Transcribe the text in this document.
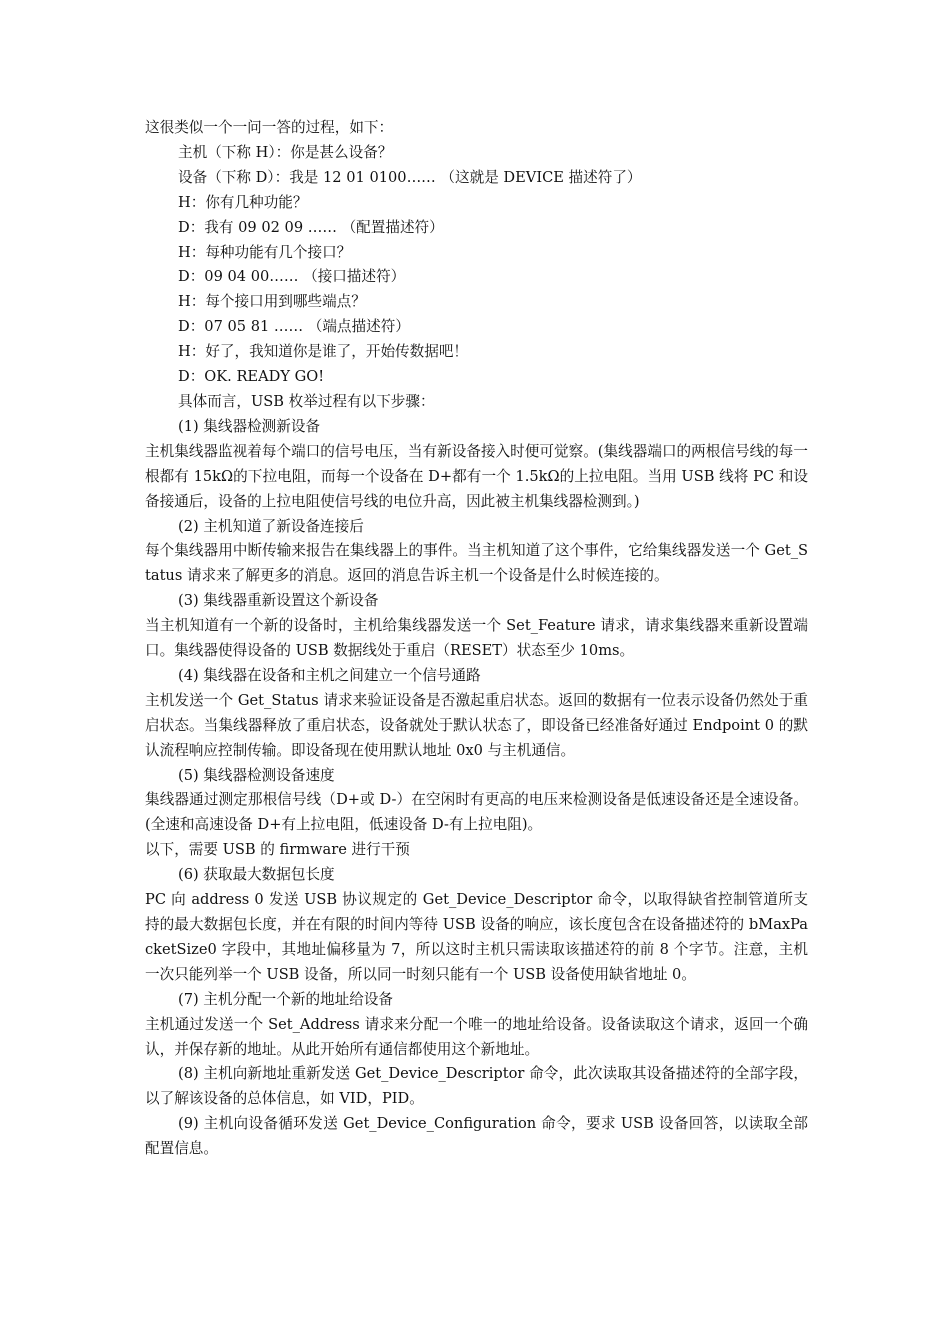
这很类似一个一问一答的过程，如下：
主机（下称 H）：你是甚么设备？
设备（下称 D）：我是 12 01 0100…… （这就是 DEVICE 描述符了）
H：你有几种功能？
D：我有 09 02 09 …… （配置描述符）
H：每种功能有几个接口？
D：09 04 00…… （接口描述符）
H：每个接口用到哪些端点？
D：07 05 81 …… （端点描述符）
H：好了，我知道你是谁了，开始传数据吧！
D：OK. READY GO!
具体而言，USB 枚举过程有以下步骤：
(1) 集线器检测新设备
主机集线器监视着每个端口的信号电压，当有新设备接入时便可觉察。(集线器端口的两根信号线的每一根都有 15kΩ的下拉电阻，而每一个设备在 D+都有一个 1.5kΩ的上拉电阻。当用 USB 线将 PC 和设备接通后，设备的上拉电阻使信号线的电位升高，因此被主机集线器检测到。)
(2) 主机知道了新设备连接后
每个集线器用中断传输来报告在集线器上的事件。当主机知道了这个事件，它给集线器发送一个 Get_Status 请求来了解更多的消息。返回的消息告诉主机一个设备是什么时候连接的。
(3) 集线器重新设置这个新设备
当主机知道有一个新的设备时，主机给集线器发送一个 Set_Feature 请求，请求集线器来重新设置端口。集线器使得设备的 USB 数据线处于重启（RESET）状态至少 10ms。
(4) 集线器在设备和主机之间建立一个信号通路
主机发送一个 Get_Status 请求来验证设备是否激起重启状态。返回的数据有一位表示设备仍然处于重启状态。当集线器释放了重启状态，设备就处于默认状态了，即设备已经准备好通过 Endpoint 0 的默认流程响应控制传输。即设备现在使用默认地址 0x0 与主机通信。
(5) 集线器检测设备速度
集线器通过测定那根信号线（D+或 D-）在空闲时有更高的电压来检测设备是低速设备还是全速设备。(全速和高速设备 D+有上拉电阻，低速设备 D-有上拉电阻)。
以下，需要 USB 的 firmware 进行干预
(6) 获取最大数据包长度
PC 向 address 0 发送 USB 协议规定的 Get_Device_Descriptor 命令，以取得缺省控制管道所支持的最大数据包长度，并在有限的时间内等待 USB 设备的响应，该长度包含在设备描述符的 bMaxPacketSize0 字段中，其地址偏移量为 7，所以这时主机只需读取该描述符的前 8 个字节。注意，主机一次只能列举一个 USB 设备，所以同一时刻只能有一个 USB 设备使用缺省地址 0。
(7) 主机分配一个新的地址给设备
主机通过发送一个 Set_Address 请求来分配一个唯一的地址给设备。设备读取这个请求，返回一个确认，并保存新的地址。从此开始所有通信都使用这个新地址。
(8) 主机向新地址重新发送 Get_Device_Descriptor 命令，此次读取其设备描述符的全部字段，以了解该设备的总体信息，如 VID，PID。
(9) 主机向设备循环发送 Get_Device_Configuration 命令，要求 USB 设备回答，以读取全部配置信息。
